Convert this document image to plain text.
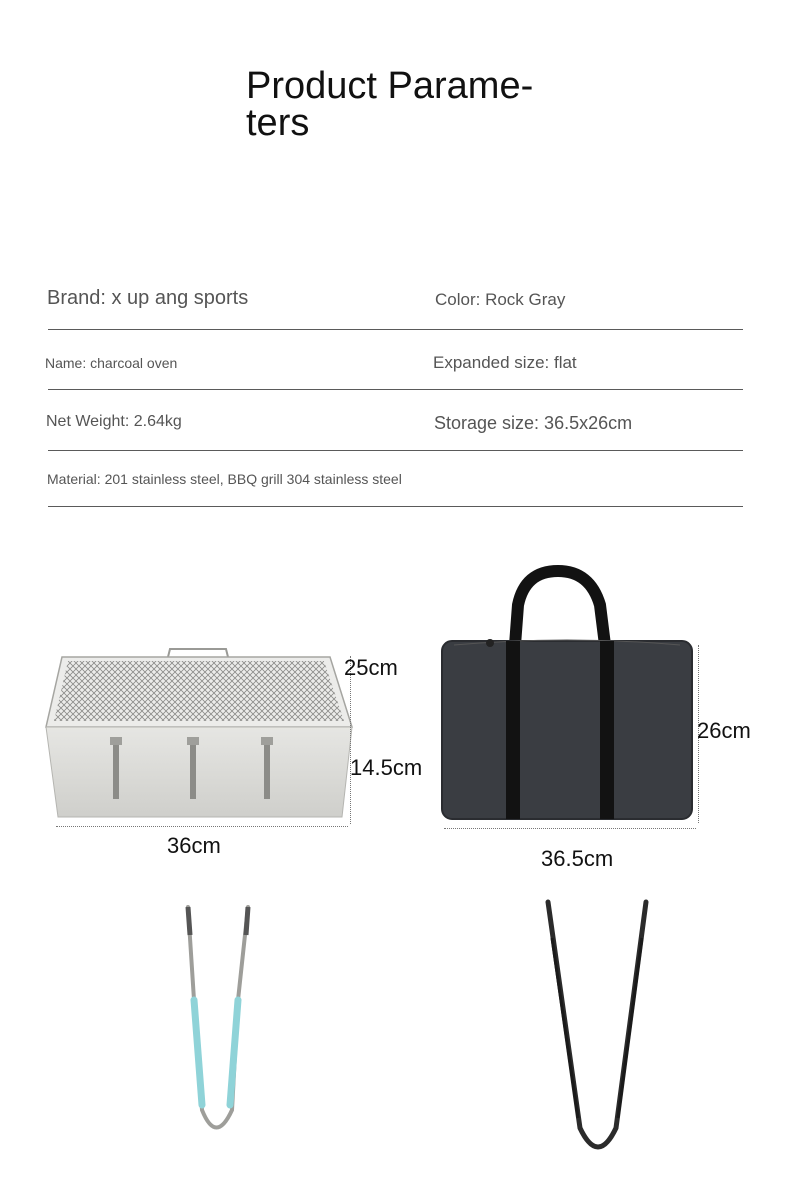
Product Parame-
ters
Brand: x up ang sports	Color: Rock Gray
Name: charcoal oven	Expanded size: flat
Net Weight: 2.64kg	Storage size: 36.5x26cm
Material: 201 stainless steel, BBQ grill 304 stainless steel
25cm
14.5cm
36cm
26cm
36.5cm
